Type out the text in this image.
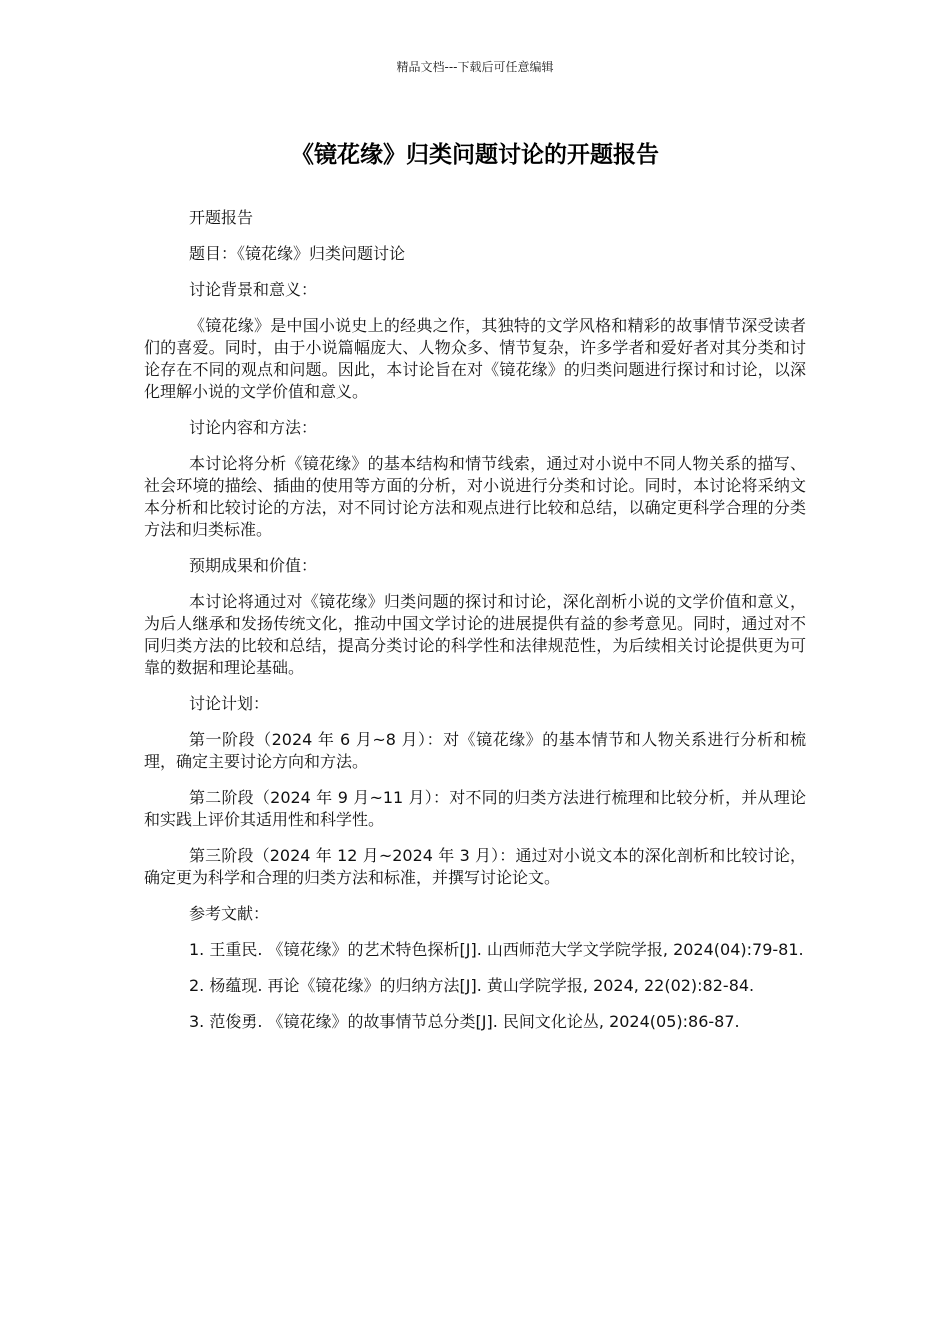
精品文档---下载后可任意编辑
《镜花缘》归类问题讨论的开题报告

开题报告

题目：《镜花缘》归类问题讨论

讨论背景和意义：

《镜花缘》是中国小说史上的经典之作，其独特的文学风格和精彩的故事情节深受读者们的喜爱。同时，由于小说篇幅庞大、人物众多、情节复杂，许多学者和爱好者对其分类和讨论存在不同的观点和问题。因此，本讨论旨在对《镜花缘》的归类问题进行探讨和讨论，以深化理解小说的文学价值和意义。

讨论内容和方法：

本讨论将分析《镜花缘》的基本结构和情节线索，通过对小说中不同人物关系的描写、社会环境的描绘、插曲的使用等方面的分析，对小说进行分类和讨论。同时，本讨论将采纳文本分析和比较讨论的方法，对不同讨论方法和观点进行比较和总结，以确定更科学合理的分类方法和归类标准。

预期成果和价值：

本讨论将通过对《镜花缘》归类问题的探讨和讨论，深化剖析小说的文学价值和意义，为后人继承和发扬传统文化，推动中国文学讨论的进展提供有益的参考意见。同时，通过对不同归类方法的比较和总结，提高分类讨论的科学性和法律规范性，为后续相关讨论提供更为可靠的数据和理论基础。

讨论计划：

第一阶段（2024 年 6 月~8 月）：对《镜花缘》的基本情节和人物关系进行分析和梳理，确定主要讨论方向和方法。

第二阶段（2024 年 9 月~11 月）：对不同的归类方法进行梳理和比较分析，并从理论和实践上评价其适用性和科学性。

第三阶段（2024 年 12 月~2024 年 3 月）：通过对小说文本的深化剖析和比较讨论，确定更为科学和合理的归类方法和标准，并撰写讨论论文。

参考文献：

1. 王重民. 《镜花缘》的艺术特色探析[J]. 山西师范大学文学院学报, 2024(04):79-81.

2. 杨蕴现. 再论《镜花缘》的归纳方法[J]. 黄山学院学报, 2024, 22(02):82-84.

3. 范俊勇. 《镜花缘》的故事情节总分类[J]. 民间文化论丛, 2024(05):86-87.
